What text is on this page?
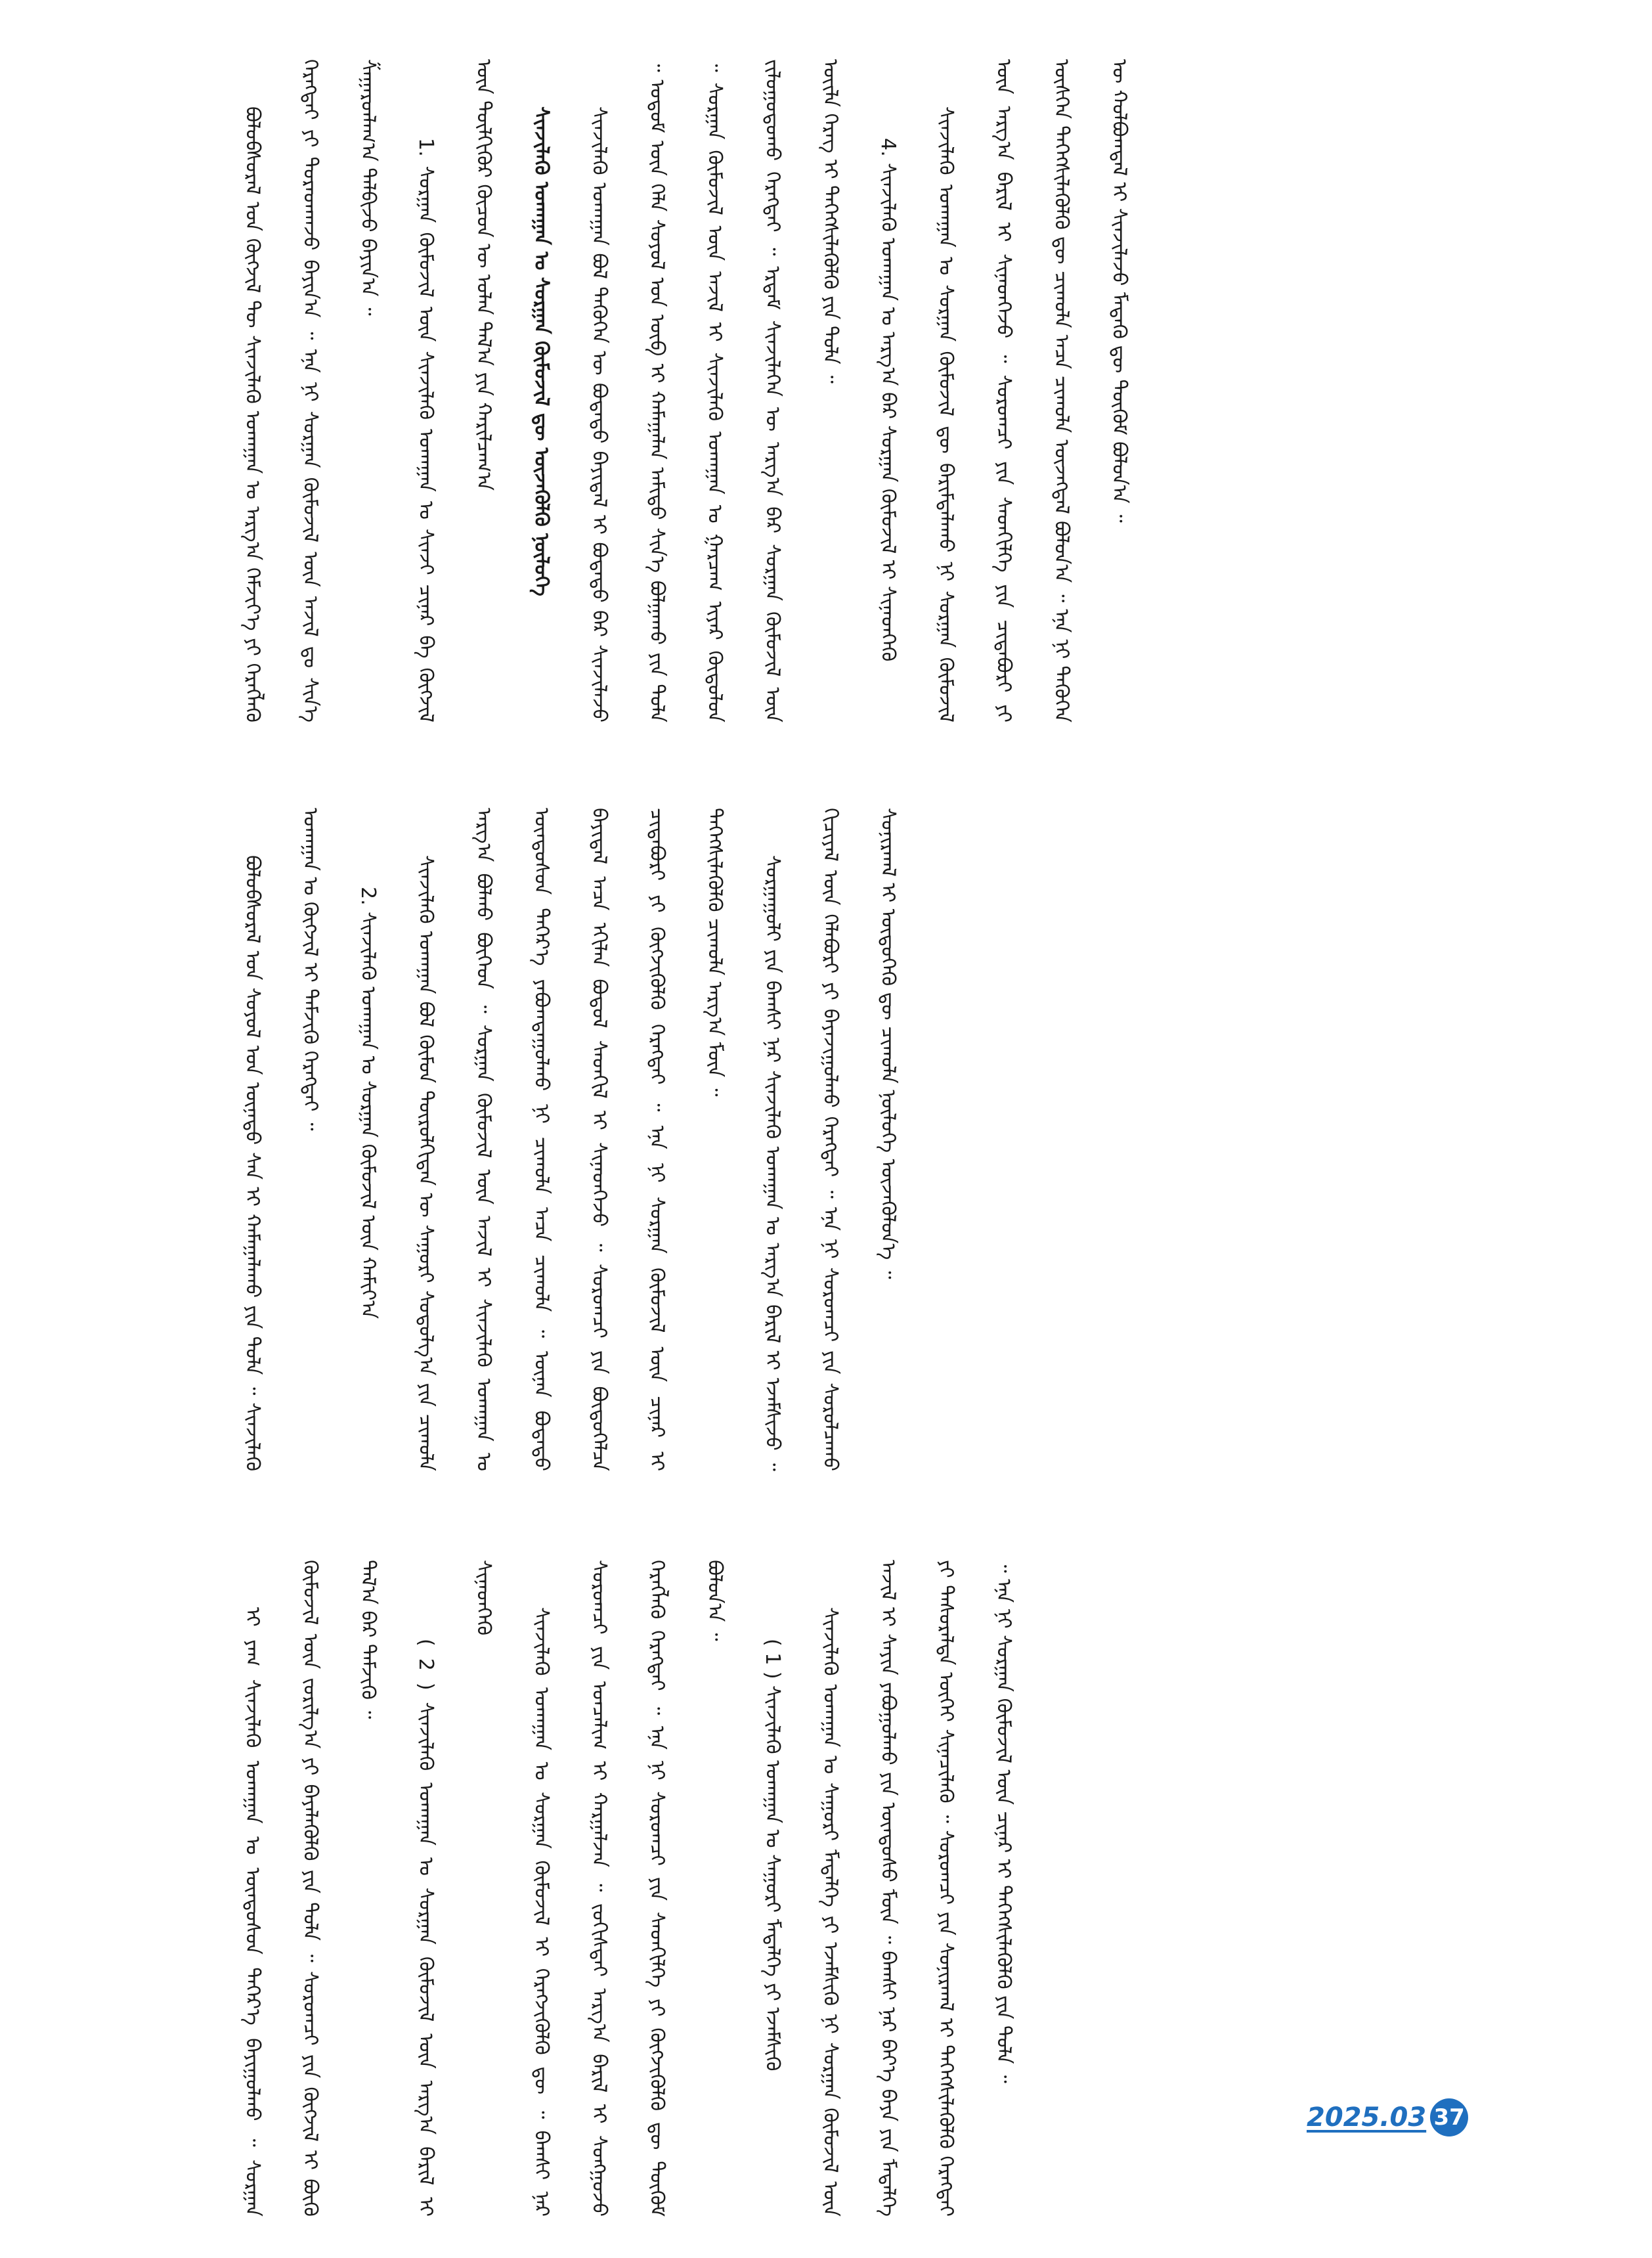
ᠪᠣᠯᠣᠪᠰᠤᠷᠠᠯ ᠤᠨ ᠬᠥᠭᠵᠢᠯ ᠲᠦ ᠰᠢᠨᠵᠢᠯᠡᠬᠦ ᠤᠬᠠᠭᠠᠨ ᠤ ᠠᠷᠭ᠎ᠠ ᠬᠡᠮᠵᠢᠶ᠎ᠡ ᠶᠢ ᠬᠡᠷᠡᠭᠯᠡᠬᠦ ᠬᠡᠷᠡᠭᠲᠡᠢ ᠶᠢ ᠳᠤᠷᠠᠳᠬᠠᠵᠤ ᠪᠠᠶᠢᠨ᠎ᠠ ᠃ ᠡᠨᠡ ᠨᠢ ᠰᠤᠷᠭᠠᠨ ᠬᠦᠮᠦᠵᠢᠯ ᠦᠨ ᠠᠵᠢᠯ ᠳᠤ ᠰᠢᠨ᠎ᠡ ᠱᠠᠭᠠᠷᠳᠯᠠᠭ᠎ᠠ ᠲᠠᠯᠪᠢᠵᠤ ᠪᠠᠶᠢᠨ᠎ᠠ ᠃	1. ᠰᠤᠷᠭᠠᠨ ᠬᠦᠮᠦᠵᠢᠯ ᠦᠨ ᠰᠢᠨᠵᠢᠯᠡᠬᠦ ᠤᠬᠠᠭᠠᠨ ᠤ ᠰᠢᠨᠵᠢ ᠴᠢᠨᠠᠷ ᠪᠠ ᠬᠥᠭᠵᠢᠯ ᠦᠨ ᠲᠦᠯᠬᠢᠭᠦᠷ ᠬᠦᠴᠦᠨ ᠦ ᠤᠯᠠᠨ ᠲᠠᠯ᠎ᠠ ᠶᠢᠨ ᠬᠠᠷᠢᠯᠴᠠᠭ᠎ᠠ	ᠰᠢᠨᠵᠢᠯᠡᠬᠦ ᠤᠬᠠᠭᠠᠨ ᠤ ᠰᠤᠷᠭᠠᠨ ᠬᠦᠮᠦᠵᠢᠯ ᠳᠦ ᠦᠵᠡᠭᠦᠯᠬᠦ ᠨᠥᠯᠦᠭᠡ	ᠰᠢᠨᠵᠢᠯᠡᠬᠦ ᠤᠬᠠᠭᠠᠨ ᠪᠣᠯ ᠲᠡᠭᠦᠬᠡᠨ ᠦ ᠪᠣᠳᠠᠲᠤ ᠪᠠᠶᠢᠳᠠᠯ ᠢ ᠪᠣᠳᠠᠲᠤ ᠪᠠᠷ ᠰᠢᠨᠵᠢᠯᠡᠵᠦ ᠃ ᠤᠳᠤᠮ ᠦᠨ ᠬᠡᠯᠡ ᠰᠤᠶᠤᠯ ᠤᠨ ᠦᠪ ᠢ ᠬᠠᠮᠠᠭᠠᠯᠠᠨ ᠠᠮᠢᠳᠤ ᠰᠢᠨ᠎ᠡ ᠪᠣᠯᠭᠠᠬᠤ ᠶᠢᠨ ᠲᠤᠯᠠ ᠃ ᠰᠤᠷᠭᠠᠨ ᠬᠦᠮᠦᠵᠢᠯ ᠦᠨ ᠠᠵᠢᠯ ᠢ ᠰᠢᠨᠵᠢᠯᠡᠬᠦ ᠤᠬᠠᠭᠠᠨ ᠤ ᠭᠠᠷᠴᠠᠭ ᠢᠶᠠᠷ ᠬᠥᠲᠦᠯᠦᠨ ᠵᠢᠯᠣᠭᠤᠳᠤᠬᠤ ᠬᠡᠷᠡᠭᠲᠡᠢ ᠃ ᠡᠷᠳᠡᠮ ᠰᠢᠨᠵᠢᠯᠡᠭᠡᠨ ᠦ ᠠᠷᠭ᠎ᠠ ᠪᠠᠷ ᠰᠤᠷᠭᠠᠨ ᠬᠦᠮᠦᠵᠢᠯ ᠦᠨ ᠦᠢᠯᠡ ᠬᠡᠷᠡᠭ ᠢ ᠳᠡᠭᠡᠭᠰᠢᠯᠡᠭᠦᠯᠬᠦ ᠶᠢᠨ ᠲᠤᠯᠠ ᠃	4. ᠰᠢᠨᠵᠢᠯᠡᠬᠦ ᠤᠬᠠᠭᠠᠨ ᠤ ᠠᠷᠭ᠎ᠠ ᠪᠠᠷ ᠰᠤᠷᠭᠠᠨ ᠬᠦᠮᠦᠵᠢᠯ ᠢ ᠰᠢᠨᠡᠳᠬᠡᠬᠦ	ᠰᠢᠨᠵᠢᠯᠡᠬᠦ ᠤᠬᠠᠭᠠᠨ ᠤ ᠰᠤᠷᠭᠠᠨ ᠬᠦᠮᠦᠵᠢᠯ ᠳᠦ ᠪᠠᠷᠢᠮᠲᠠᠯᠠᠬᠤ ᠨᠢ ᠰᠤᠷᠭᠠᠨ ᠬᠦᠮᠦᠵᠢᠯ ᠦᠨ ᠠᠷᠭ᠎ᠠ ᠪᠠᠷᠢᠯ ᠢ ᠰᠢᠨᠡᠳᠬᠡᠵᠦ ᠃ ᠰᠤᠷᠤᠭᠴᠢ ᠶᠢᠨ ᠰᠡᠳᠬᠢᠯᠭᠡ ᠶᠢᠨ ᠴᠢᠳᠠᠪᠦᠷᠢ ᠶᠢ ᠥᠰᠬᠡᠨ ᠳᠡᠭᠡᠭᠰᠢᠯᠡᠭᠦᠯᠬᠦ ᠳᠦ ᠴᠢᠬᠤᠯᠠ ᠠᠴᠠ ᠴᠢᠬᠤᠯᠠ ᠦᠵᠡᠭᠳᠡᠯ ᠪᠣᠯᠤᠨ᠎ᠠ ᠃ ᠡᠨᠡ ᠨᠢ ᠲᠡᠭᠦᠬᠡᠨ ᠦ ᠬᠣᠯᠪᠣᠭᠳᠠᠯ ᠢ ᠰᠢᠨᠵᠢᠯᠡᠵᠦ ᠮᠡᠳᠡᠬᠦ ᠳᠦ ᠳᠥᠬᠥᠮ ᠪᠣᠯᠤᠨ᠎ᠠ ᠃

ᠪᠣᠯᠣᠪᠰᠤᠷᠠᠯ ᠤᠨ ᠰᠣᠶᠣᠯ ᠤᠨ ᠦᠨᠡᠲᠦ ᠰᠠᠨ ᠢ ᠬᠠᠮᠠᠭᠠᠯᠠᠬᠤ ᠶᠢᠨ ᠲᠤᠯᠠ ᠃ ᠰᠢᠨᠵᠢᠯᠡᠬᠦ ᠤᠬᠠᠭᠠᠨ ᠤ ᠬᠥᠭᠵᠢᠯ ᠢ ᠳᠡᠮᠵᠢᠬᠦ ᠬᠡᠷᠡᠭᠲᠡᠢ ᠃	2. ᠰᠢᠨᠵᠢᠯᠡᠬᠦ ᠤᠬᠠᠭᠠᠨ ᠤ ᠰᠤᠷᠭᠠᠨ ᠬᠦᠮᠦᠵᠢᠯ ᠦᠨ ᠬᠠᠮᠢᠶ᠎ᠠ	ᠰᠢᠨᠵᠢᠯᠡᠬᠦ ᠤᠬᠠᠭᠠᠨ ᠪᠣᠯ ᠬᠦᠮᠦᠨ ᠲᠥᠷᠦᠯᠬᠢᠲᠡᠨ ᠦ ᠰᠠᠭᠤᠷᠢ ᠰᠤᠳᠤᠯᠭ᠎ᠠ ᠶᠢᠨ ᠴᠢᠬᠤᠯᠠ ᠠᠷᠭ᠎ᠠ ᠪᠣᠯᠬᠤ ᠪᠥᠭᠡᠳ ᠃ ᠰᠤᠷᠭᠠᠨ ᠬᠦᠮᠦᠵᠢᠯ ᠦᠨ ᠠᠵᠢᠯ ᠢ ᠰᠢᠨᠵᠢᠯᠡᠬᠦ ᠤᠬᠠᠭᠠᠨ ᠤ ᠦᠨᠳᠦᠰᠦᠨ ᠳᠡᠭᠡᠷ᠎ᠡ ᠶᠠᠪᠤᠭᠳᠠᠭᠤᠯᠬᠤ ᠨᠢ ᠴᠢᠬᠤᠯᠠ ᠠᠴᠠ ᠴᠢᠬᠤᠯᠠ ᠃ ᠦᠨᠡᠨ ᠪᠣᠳᠠᠲᠤ ᠪᠠᠶᠢᠳᠠᠯ ᠠᠴᠠ ᠡᠬᠢᠯᠡᠨ ᠪᠣᠳᠣᠯ ᠰᠡᠳᠬᠢᠯ ᠢ ᠰᠢᠨᠡᠳᠬᠡᠵᠦ ᠃ ᠰᠤᠷᠤᠭᠴᠢ ᠶᠢᠨ ᠪᠦᠲᠦᠭᠡᠯᠴᠡ ᠴᠢᠳᠠᠪᠦᠷᠢ ᠶᠢ ᠬᠥᠭᠵᠢᠭᠦᠯᠬᠦ ᠬᠡᠷᠡᠭᠲᠡᠢ ᠃ ᠡᠨᠡ ᠨᠢ ᠰᠤᠷᠭᠠᠨ ᠬᠦᠮᠦᠵᠢᠯ ᠦᠨ ᠴᠢᠨᠠᠷ ᠢ ᠳᠡᠭᠡᠭᠰᠢᠯᠡᠭᠦᠯᠬᠦ ᠴᠢᠬᠤᠯᠠ ᠠᠷᠭ᠎ᠠ ᠮᠥᠨ ᠃	ᠰᠤᠷᠭᠠᠭᠤᠯᠢ ᠶᠢᠨ ᠪᠠᠭᠰᠢ ᠨᠠᠷ ᠰᠢᠨᠵᠢᠯᠡᠬᠦ ᠤᠬᠠᠭᠠᠨ ᠤ ᠠᠷᠭ᠎ᠠ ᠪᠠᠷᠢᠯ ᠢ ᠡᠵᠡᠮᠰᠢᠵᠦ ᠃ ᠬᠢᠴᠢᠶᠡᠯ ᠦᠨ ᠬᠡᠯᠡᠪᠦᠷᠢ ᠶᠢ ᠪᠠᠶᠠᠵᠢᠭᠤᠯᠬᠤ ᠬᠡᠷᠡᠭᠲᠡᠢ ᠃ ᠡᠨᠡ ᠨᠢ ᠰᠤᠷᠤᠭᠴᠢ ᠶᠢᠨ ᠰᠤᠷᠤᠯᠴᠠᠬᠤ ᠰᠣᠨᠢᠷᠬᠠᠯ ᠢ ᠥᠳᠥᠭᠡᠬᠦ ᠳᠦ ᠴᠢᠬᠤᠯᠠ ᠨᠥᠯᠦᠭᠡ ᠦᠵᠡᠭᠦᠯᠦᠨ᠎ᠡ ᠃

ᠢ ᠶᠠᠭ ᠰᠢᠨᠵᠢᠯᠡᠬᠦ ᠤᠬᠠᠭᠠᠨ ᠤ ᠦᠨᠳᠦᠰᠦᠨ ᠳᠡᠭᠡᠷ᠎ᠡ ᠪᠠᠶᠢᠭᠤᠯᠬᠤ ᠃ ᠰᠤᠷᠭᠠᠨ ᠬᠦᠮᠦᠵᠢᠯ ᠦᠨ ᠵᠣᠷᠢᠯᠭ᠎ᠠ ᠶᠢ ᠪᠡᠶᠡᠯᠡᠭᠦᠯᠬᠦ ᠶᠢᠨ ᠲᠤᠯᠠ ᠃ ᠰᠤᠷᠤᠭᠴᠢ ᠶᠢᠨ ᠬᠥᠭᠵᠢᠯ ᠢ ᠪᠦᠬᠦ ᠲᠠᠯ᠎ᠠ ᠪᠠᠷ ᠳᠡᠮᠵᠢᠬᠦ ᠃	( 2 ) ᠰᠢᠨᠵᠢᠯᠡᠬᠦ ᠤᠬᠠᠭᠠᠨ ᠤ ᠰᠤᠷᠭᠠᠨ ᠬᠦᠮᠦᠵᠢᠯ ᠦᠨ ᠠᠷᠭ᠎ᠠ ᠪᠠᠷᠢᠯ ᠢ ᠰᠢᠨᠡᠳᠬᠡᠬᠦ

ᠰᠢᠨᠵᠢᠯᠡᠬᠦ ᠤᠬᠠᠭᠠᠨ ᠤ ᠰᠤᠷᠭᠠᠨ ᠬᠦᠮᠦᠵᠢᠯ ᠢ ᠬᠡᠷᠡᠭᠵᠢᠭᠦᠯᠬᠦ ᠳᠦ ᠃ ᠪᠠᠭᠰᠢ ᠨᠠᠷ ᠰᠤᠷᠤᠭᠴᠢ ᠶᠢᠨ ᠣᠨᠴᠠᠯᠢᠭ ᠢ ᠬᠠᠷᠭᠠᠯᠵᠠᠨ ᠃ ᠵᠣᠬᠢᠰᠲᠠᠢ ᠠᠷᠭ᠎ᠠ ᠪᠠᠷᠢᠯ ᠢ ᠰᠣᠩᠭᠣᠵᠤ ᠬᠡᠷᠡᠭᠯᠡᠬᠦ ᠬᠡᠷᠡᠭᠲᠡᠢ ᠃ ᠡᠨᠡ ᠨᠢ ᠰᠤᠷᠤᠭᠴᠢ ᠶᠢᠨ ᠰᠡᠳᠬᠢᠯᠭᠡ ᠶᠢ ᠬᠥᠭᠵᠢᠭᠦᠯᠬᠦ ᠳᠦ ᠳᠥᠬᠥᠮ ᠪᠣᠯᠤᠨ᠎ᠠ ᠃

( 1 ) ᠰᠢᠨᠵᠢᠯᠡᠬᠦ ᠤᠬᠠᠭᠠᠨ ᠤ ᠰᠠᠭᠤᠷᠢ ᠮᠡᠳᠡᠯᠭᠡ ᠶᠢ ᠡᠵᠡᠮᠰᠢᠬᠦ	ᠰᠢᠨᠵᠢᠯᠡᠬᠦ ᠤᠬᠠᠭᠠᠨ ᠤ ᠰᠠᠭᠤᠷᠢ ᠮᠡᠳᠡᠯᠭᠡ ᠶᠢ ᠡᠵᠡᠮᠰᠢᠬᠦ ᠨᠢ ᠰᠤᠷᠭᠠᠨ ᠬᠦᠮᠦᠵᠢᠯ ᠦᠨ ᠠᠵᠢᠯ ᠢ ᠰᠠᠶᠢᠨ ᠶᠠᠪᠤᠭᠤᠯᠬᠤ ᠶᠢᠨ ᠦᠨᠳᠦᠰᠦ ᠮᠥᠨ ᠃ ᠪᠠᠭᠰᠢ ᠨᠠᠷ ᠪᠡᠶ᠎ᠡ ᠪᠡᠶᠡ ᠶᠢᠨ ᠮᠡᠳᠡᠯᠭᠡ ᠶᠢ ᠲᠠᠰᠤᠷᠠᠯᠲᠠ ᠦᠭᠡᠢ ᠰᠢᠨᠡᠴᠢᠯᠡᠬᠦ ᠃ ᠰᠤᠷᠤᠭᠴᠢ ᠶᠢᠨ ᠰᠣᠨᠢᠷᠬᠠᠯ ᠢ ᠳᠡᠭᠡᠭᠰᠢᠯᠡᠭᠦᠯᠬᠦ ᠬᠡᠷᠡᠭᠲᠡᠢ ᠃ ᠡᠨᠡ ᠨᠢ ᠰᠤᠷᠭᠠᠨ ᠬᠦᠮᠦᠵᠢᠯ ᠦᠨ ᠴᠢᠨᠠᠷ ᠢ ᠳᠡᠭᠡᠭᠰᠢᠯᠡᠭᠦᠯᠬᠦ ᠶᠢᠨ ᠲᠤᠯᠠ ᠃

2025.03 37
